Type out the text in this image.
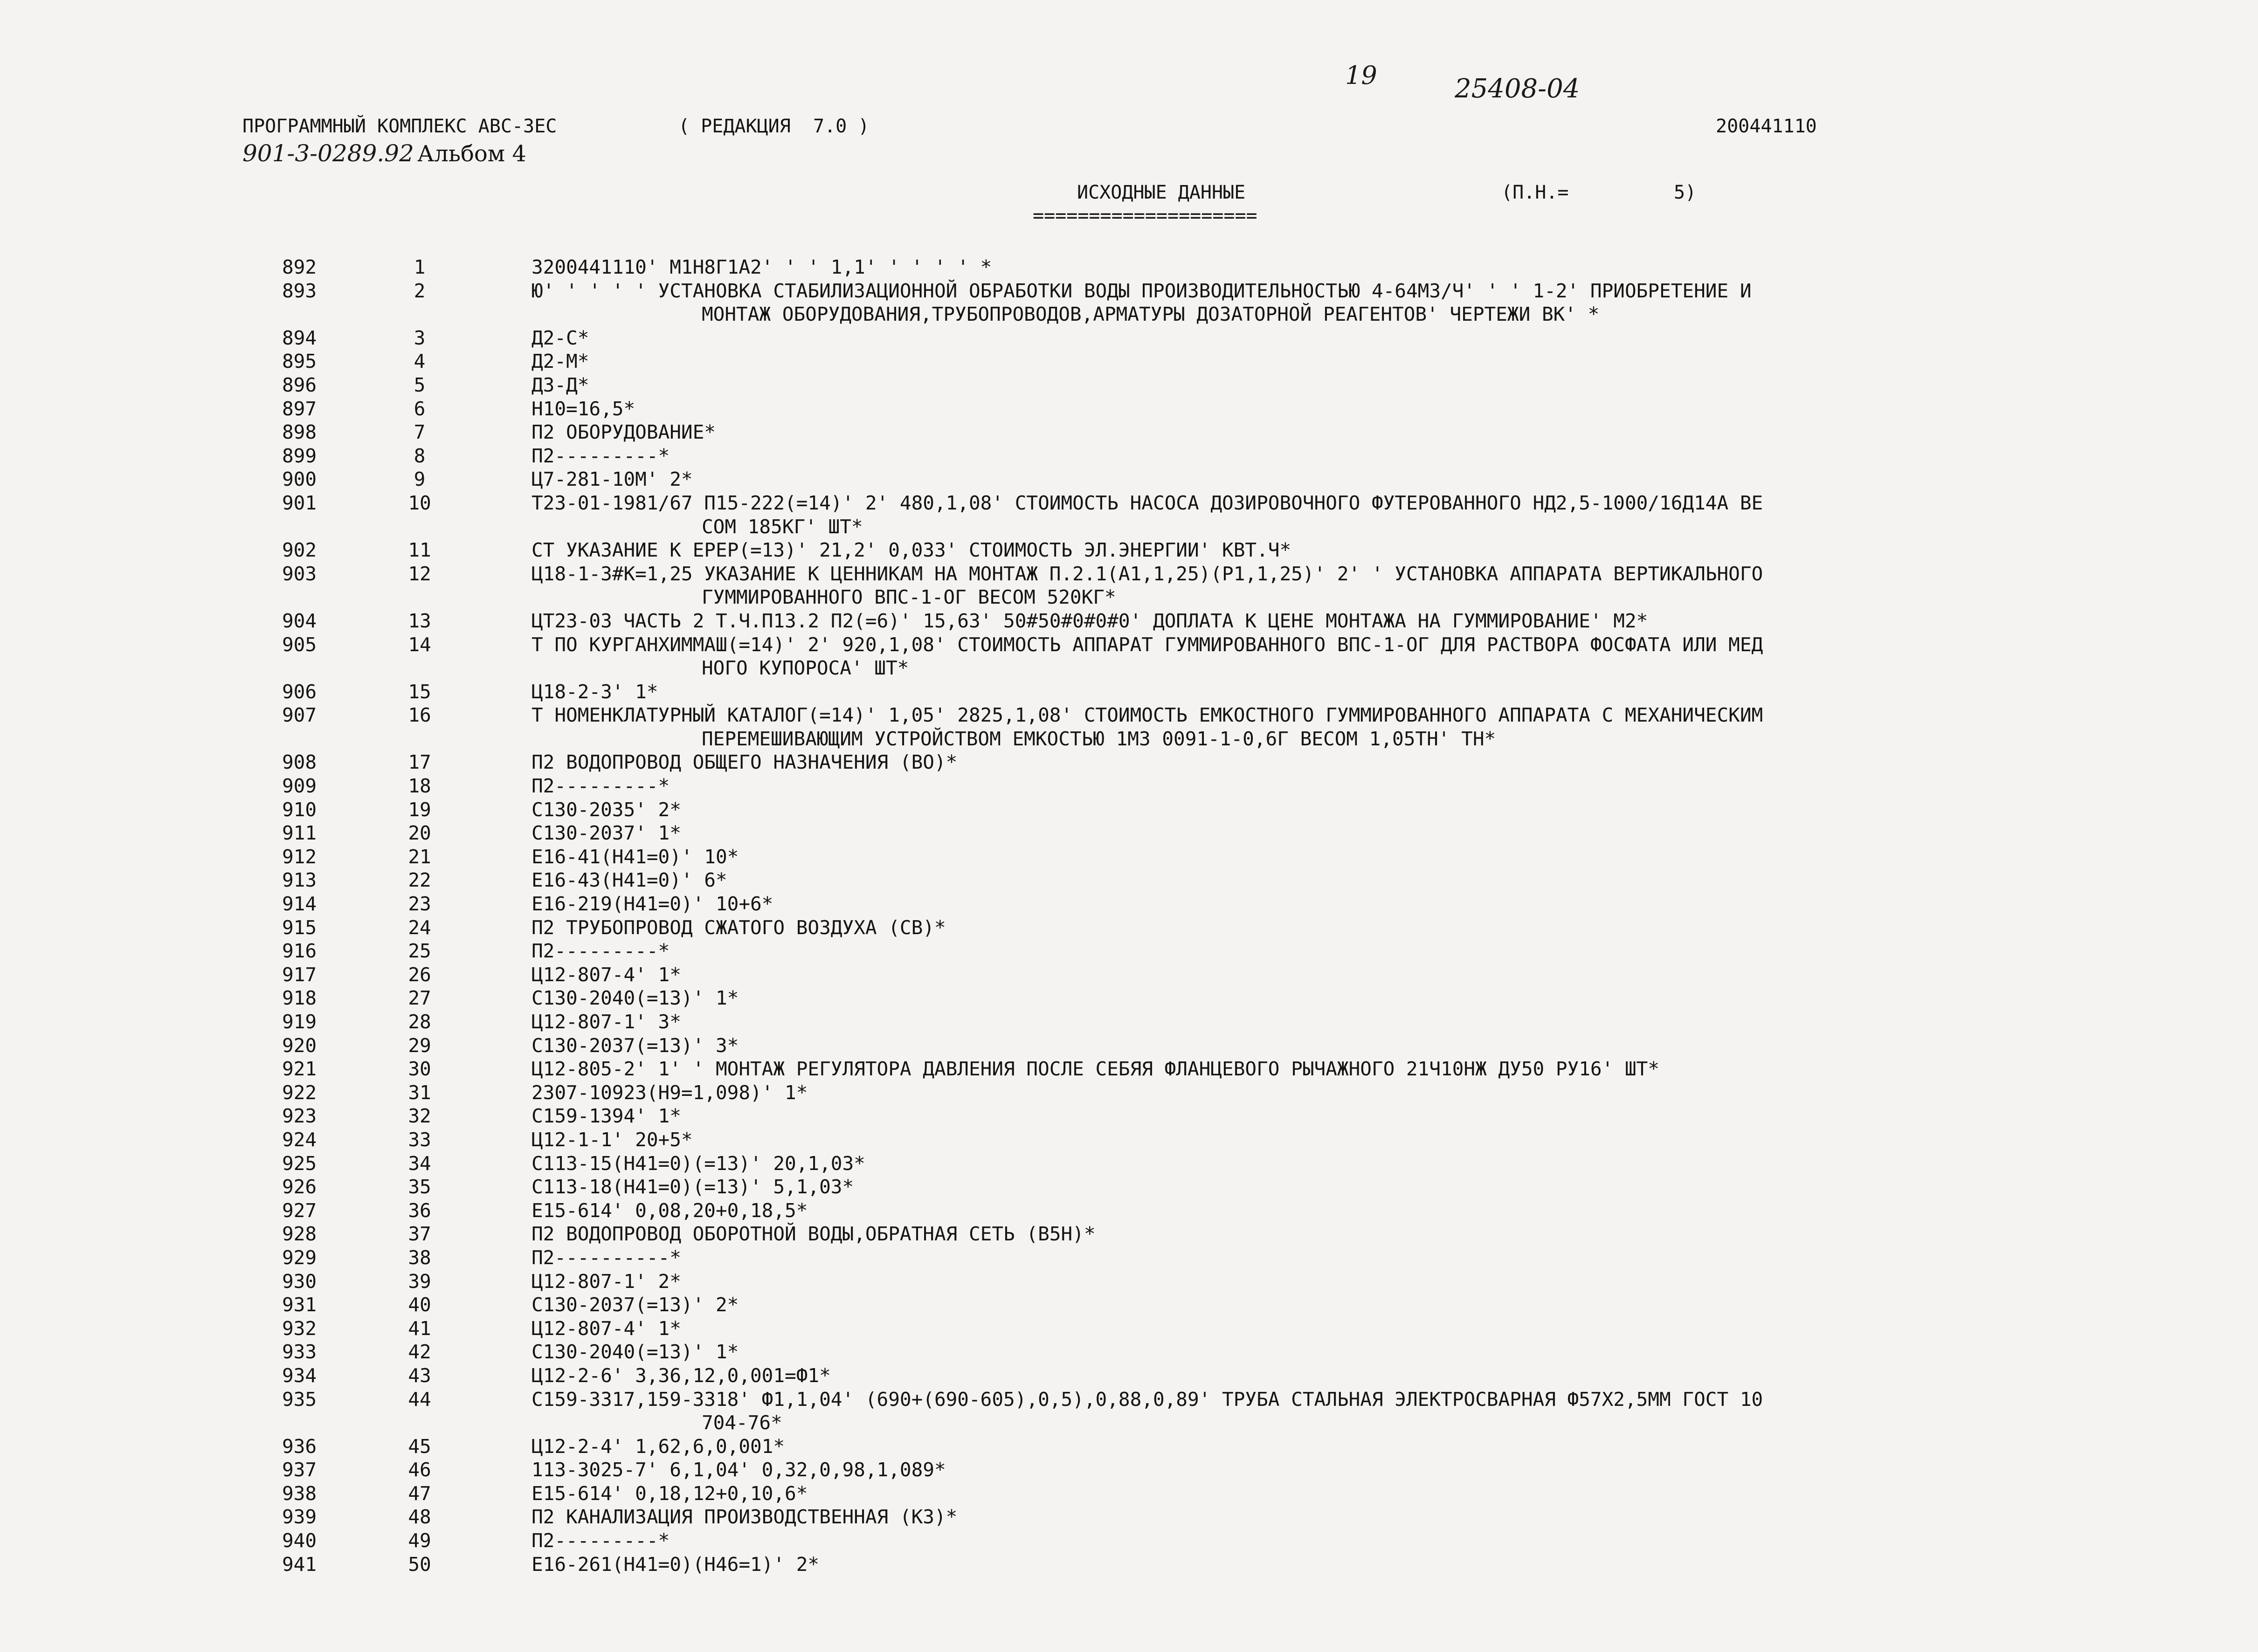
19	25408-04
ПРОГРАММНЫЙ КОМПЛЕКС АВС-3ЕС	( РЕДАКЦИЯ  7.0 )	200441110
901-3-0289.92 Альбом 4
ИСХОДНЫЕ ДАННЫЕ
====================
(П.Н.=	5)
892	1	3200441110' М1Н8Г1А2' ' ' 1,1' ' ' ' ' *
893	2	Ю' ' ' ' ' УСТАНОВКА СТАБИЛИЗАЦИОННОЙ ОБРАБОТКИ ВОДЫ ПРОИЗВОДИТЕЛЬНОСТЬЮ 4-64М3/Ч' ' ' 1-2' ПРИОБРЕТЕНИЕ И
МОНТАЖ ОБОРУДОВАНИЯ,ТРУБОПРОВОДОВ,АРМАТУРЫ ДОЗАТОРНОЙ РЕАГЕНТОВ' ЧЕРТЕЖИ ВК' *
894	3	Д2-С*
895	4	Д2-М*
896	5	Д3-Д*
897	6	Н10=16,5*
898	7	П2 ОБОРУДОВАНИЕ*
899	8	П2---------*
900	9	Ц7-281-10М' 2*
901	10	Т23-01-1981/67 П15-222(=14)' 2' 480,1,08' СТОИМОСТЬ НАСОСА ДОЗИРОВОЧНОГО ФУТЕРОВАННОГО НД2,5-1000/16Д14А ВЕ
СОМ 185КГ' ШТ*
902	11	СТ УКАЗАНИЕ К ЕРЕР(=13)' 21,2' 0,033' СТОИМОСТЬ ЭЛ.ЭНЕРГИИ' КВТ.Ч*
903	12	Ц18-1-3#К=1,25 УКАЗАНИЕ К ЦЕННИКАМ НА МОНТАЖ П.2.1(А1,1,25)(Р1,1,25)' 2' ' УСТАНОВКА АППАРАТА ВЕРТИКАЛЬНОГО
ГУММИРОВАННОГО ВПС-1-ОГ ВЕСОМ 520КГ*
904	13	ЦТ23-03 ЧАСТЬ 2 Т.Ч.П13.2 П2(=6)' 15,63' 50#50#0#0#0' ДОПЛАТА К ЦЕНЕ МОНТАЖА НА ГУММИРОВАНИЕ' М2*
905	14	Т ПО КУРГАНХИММАШ(=14)' 2' 920,1,08' СТОИМОСТЬ АППАРАТ ГУММИРОВАННОГО ВПС-1-ОГ ДЛЯ РАСТВОРА ФОСФАТА ИЛИ МЕД
НОГО КУПОРОСА' ШТ*
906	15	Ц18-2-3' 1*
907	16	Т НОМЕНКЛАТУРНЫЙ КАТАЛОГ(=14)' 1,05' 2825,1,08' СТОИМОСТЬ ЕМКОСТНОГО ГУММИРОВАННОГО АППАРАТА С МЕХАНИЧЕСКИМ
ПЕРЕМЕШИВАЮЩИМ УСТРОЙСТВОМ ЕМКОСТЬЮ 1М3 0091-1-0,6Г ВЕСОМ 1,05ТН' ТН*
908	17	П2 ВОДОПРОВОД ОБЩЕГО НАЗНАЧЕНИЯ (ВО)*
909	18	П2---------*
910	19	С130-2035' 2*
911	20	С130-2037' 1*
912	21	Е16-41(Н41=0)' 10*
913	22	Е16-43(Н41=0)' 6*
914	23	Е16-219(Н41=0)' 10+6*
915	24	П2 ТРУБОПРОВОД СЖАТОГО ВОЗДУХА (СВ)*
916	25	П2---------*
917	26	Ц12-807-4' 1*
918	27	С130-2040(=13)' 1*
919	28	Ц12-807-1' 3*
920	29	С130-2037(=13)' 3*
921	30	Ц12-805-2' 1' ' МОНТАЖ РЕГУЛЯТОРА ДАВЛЕНИЯ ПОСЛЕ СЕБЯЯ ФЛАНЦЕВОГО РЫЧАЖНОГО 21Ч10НЖ ДУ50 РУ16' ШТ*
922	31	2307-10923(Н9=1,098)' 1*
923	32	С159-1394' 1*
924	33	Ц12-1-1' 20+5*
925	34	С113-15(Н41=0)(=13)' 20,1,03*
926	35	С113-18(Н41=0)(=13)' 5,1,03*
927	36	Е15-614' 0,08,20+0,18,5*
928	37	П2 ВОДОПРОВОД ОБОРОТНОЙ ВОДЫ,ОБРАТНАЯ СЕТЬ (В5Н)*
929	38	П2----------*
930	39	Ц12-807-1' 2*
931	40	С130-2037(=13)' 2*
932	41	Ц12-807-4' 1*
933	42	С130-2040(=13)' 1*
934	43	Ц12-2-6' 3,36,12,0,001=Ф1*
935	44	С159-3317,159-3318' Ф1,1,04' (690+(690-605),0,5),0,88,0,89' ТРУБА СТАЛЬНАЯ ЭЛЕКТРОСВАРНАЯ Ф57Х2,5ММ ГОСТ 10
704-76*
936	45	Ц12-2-4' 1,62,6,0,001*
937	46	113-3025-7' 6,1,04' 0,32,0,98,1,089*
938	47	Е15-614' 0,18,12+0,10,6*
939	48	П2 КАНАЛИЗАЦИЯ ПРОИЗВОДСТВЕННАЯ (К3)*
940	49	П2---------*
941	50	Е16-261(Н41=0)(Н46=1)' 2*
